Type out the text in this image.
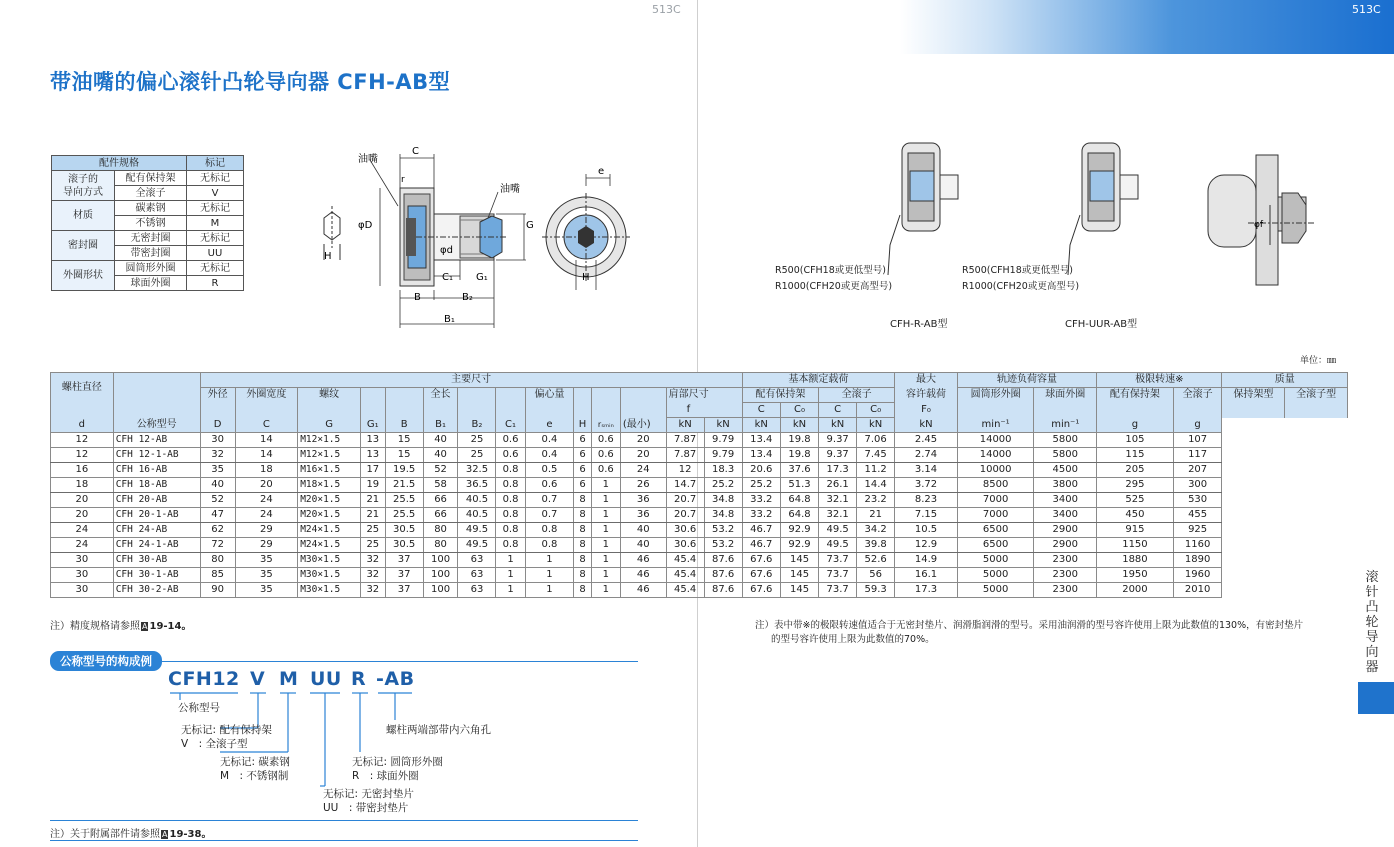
513C	513C
带油嘴的偏心滚针凸轮导向器 CFH-AB型
配件规格		标记
滚子的
导向方式	配有保持架	无标记
	全滚子	V
材质	碳素钢	无标记
	不锈钢	M
密封圈	无密封圈	无标记
	带密封圈	UU
外圈形状	圆筒形外圈	无标记
	球面外圈	R
H
C
r
油嘴
油嘴
φD
φd
G
C₁ G₁
B	B₂
B₁
e
H
φf
R500(CFH18或更低型号)
R1000(CFH20或更高型号)
R500(CFH18或更低型号)
R1000(CFH20或更高型号)
CFH-R-AB型	CFH-UUR-AB型
单位：㎜
螺柱直径		主要尺寸														基本额定载荷				最大	轨迹负荷容量		极限转速※		质量	
		外径	外圈宽度	螺纹			全长			偏心量				肩部尺寸		配有保持架		全滚子		容许载荷	圆筒形外圈	球面外圈	配有保持架	全滚子	保持架型	全滚子型
														f		C	C₀	C	C₀	F₀						
d	公称型号	D	C	G	G₁	B	B₁	B₂	C₁	e	H	rₛₘᵢₙ	(最小)	kN	kN	kN	kN	kN	kN	kN	min⁻¹	min⁻¹	g	g		
12	CFH 12-AB	30	14	M12×1.5	13	15	40	25	0.6	0.4	6	0.6	20	7.87	9.79	13.4	19.8	9.37	7.06	2.45	14000	5800	105	107		
12	CFH 12-1-AB	32	14	M12×1.5	13	15	40	25	0.6	0.4	6	0.6	20	7.87	9.79	13.4	19.8	9.37	7.45	2.74	14000	5800	115	117		
16	CFH 16-AB	35	18	M16×1.5	17	19.5	52	32.5	0.8	0.5	6	0.6	24	12	18.3	20.6	37.6	17.3	11.2	3.14	10000	4500	205	207		
18	CFH 18-AB	40	20	M18×1.5	19	21.5	58	36.5	0.8	0.6	6	1	26	14.7	25.2	25.2	51.3	26.1	14.4	3.72	8500	3800	295	300		
20	CFH 20-AB	52	24	M20×1.5	21	25.5	66	40.5	0.8	0.7	8	1	36	20.7	34.8	33.2	64.8	32.1	23.2	8.23	7000	3400	525	530		
20	CFH 20-1-AB	47	24	M20×1.5	21	25.5	66	40.5	0.8	0.7	8	1	36	20.7	34.8	33.2	64.8	32.1	21	7.15	7000	3400	450	455		
24	CFH 24-AB	62	29	M24×1.5	25	30.5	80	49.5	0.8	0.8	8	1	40	30.6	53.2	46.7	92.9	49.5	34.2	10.5	6500	2900	915	925		
24	CFH 24-1-AB	72	29	M24×1.5	25	30.5	80	49.5	0.8	0.8	8	1	40	30.6	53.2	46.7	92.9	49.5	39.8	12.9	6500	2900	1150	1160		
30	CFH 30-AB	80	35	M30×1.5	32	37	100	63	1	1	8	1	46	45.4	87.6	67.6	145	73.7	52.6	14.9	5000	2300	1880	1890		
30	CFH 30-1-AB	85	35	M30×1.5	32	37	100	63	1	1	8	1	46	45.4	87.6	67.6	145	73.7	56	16.1	5000	2300	1950	1960		
30	CFH 30-2-AB	90	35	M30×1.5	32	37	100	63	1	1	8	1	46	45.4	87.6	67.6	145	73.7	59.3	17.3	5000	2300	2000	2010		
注）精度规格请参照 A 19-14。	注）表中带※的极限转速值适合于无密封垫片、润滑脂润滑的型号。采用油润滑的型号容许使用上限为此数值的130%，有密封垫片
的型号容许使用上限为此数值的70%。
公称型号的构成例
CFH12 V M UU R -AB
公称型号
无标记: 配有保持架
V　: 全滚子型
无标记: 碳素钢
M　: 不锈钢制
无标记: 无密封垫片
UU　: 带密封垫片
无标记: 圆筒形外圈
R　: 球面外圈
螺柱两端部带内六角孔
注）关于附属部件请参照 A 19-38。
滚针凸轮导向器
